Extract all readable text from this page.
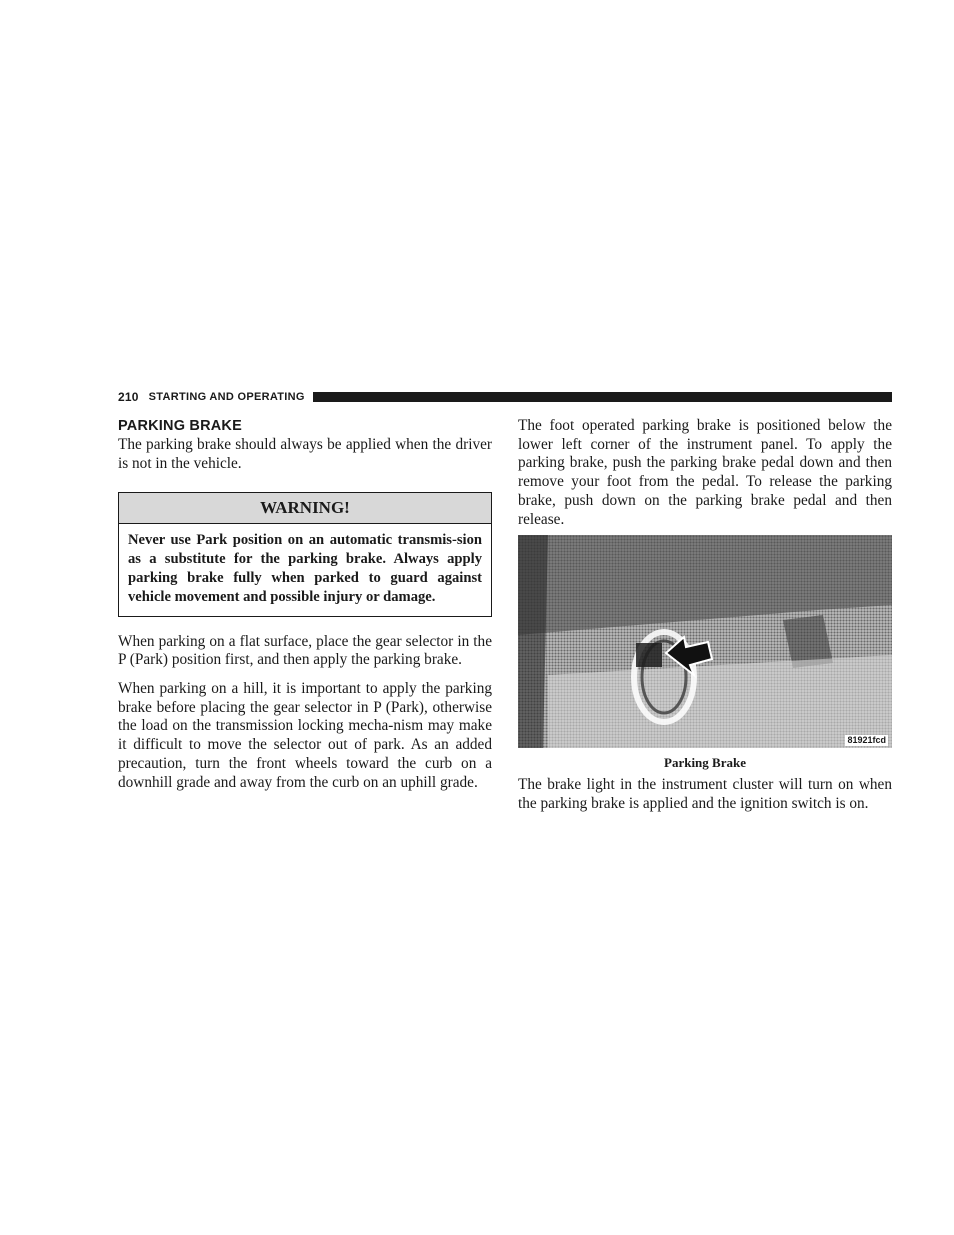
210 STARTING AND OPERATING
PARKING BRAKE

The parking brake should always be applied when the driver is not in the vehicle.

WARNING!
Never use Park position on an automatic transmis-sion as a substitute for the parking brake. Always apply parking brake fully when parked to guard against vehicle movement and possible injury or damage.

When parking on a flat surface, place the gear selector in the P (Park) position first, and then apply the parking brake.

When parking on a hill, it is important to apply the parking brake before placing the gear selector in P (Park), otherwise the load on the transmission locking mecha-nism may make it difficult to move the selector out of park. As an added precaution, turn the front wheels toward the curb on a downhill grade and away from the curb on an uphill grade.

The foot operated parking brake is positioned below the lower left corner of the instrument panel. To apply the parking brake, push the parking brake pedal down and then remove your foot from the pedal. To release the parking brake, push down on the parking brake pedal and then release.

81921fcd
Parking Brake

The brake light in the instrument cluster will turn on when the parking brake is applied and the ignition switch is on.
